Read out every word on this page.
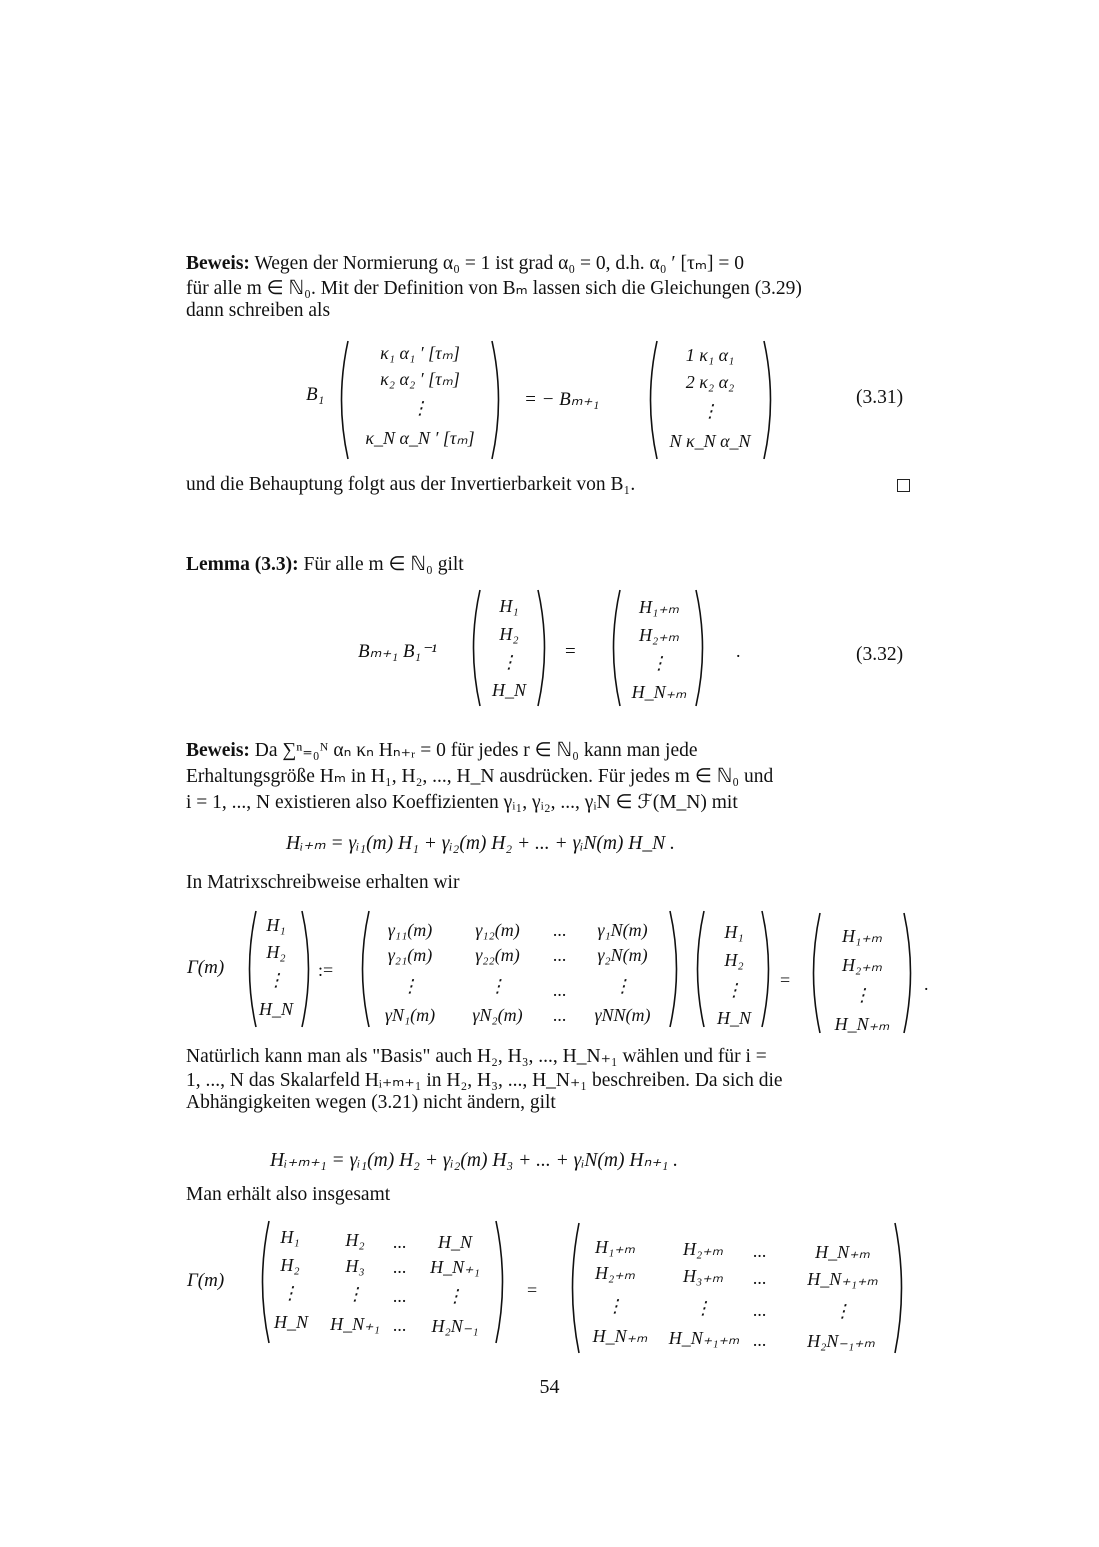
Beweis: Wegen der Normierung α₀ = 1 ist grad α₀ = 0, d.h. α₀ ′ [τₘ] = 0
für alle m ∈ ℕ₀. Mit der Definition von Bₘ lassen sich die Gleichungen (3.29)
dann schreiben als
B₁
κ₁ α₁ ′ [τₘ]
κ₂ α₂ ′ [τₘ]
⋮
κ_N α_N ′ [τₘ]
= − Bₘ₊₁
1 κ₁ α₁
2 κ₂ α₂
⋮
N κ_N α_N
(3.31)
und die Behauptung folgt aus der Invertierbarkeit von B₁.
Lemma (3.3): Für alle m ∈ ℕ₀ gilt
Bₘ₊₁ B₁⁻¹
H₁
H₂
⋮
H_N
=
H₁₊ₘ
H₂₊ₘ
⋮
H_N₊ₘ
.	(3.32)
Beweis: Da ∑ⁿ₌₀ᴺ αₙ κₙ Hₙ₊ᵣ = 0 für jedes r ∈ ℕ₀ kann man jede
Erhaltungsgröße Hₘ in H₁, H₂, ..., H_N ausdrücken. Für jedes m ∈ ℕ₀ und
i = 1, ..., N existieren also Koeffizienten γᵢ₁, γᵢ₂, ..., γᵢN ∈ ℱ(M_N) mit
Hᵢ₊ₘ = γᵢ₁(m) H₁ + γᵢ₂(m) H₂ + ... + γᵢN(m) H_N .
In Matrixschreibweise erhalten wir
Γ(m)
H₁
H₂
⋮
H_N
:=
γ₁₁(m)	γ₁₂(m)	...	γ₁N(m)
γ₂₁(m)	γ₂₂(m)	...	γ₂N(m)
⋮	⋮	...	⋮
γN₁(m)	γN₂(m)	...	γNN(m)
H₁
H₂
⋮
H_N
=
H₁₊ₘ
H₂₊ₘ
⋮
H_N₊ₘ
.
Natürlich kann man als "Basis" auch H₂, H₃, ..., H_N₊₁ wählen und für i =
1, ..., N das Skalarfeld Hᵢ₊ₘ₊₁ in H₂, H₃, ..., H_N₊₁ beschreiben. Da sich die
Abhängigkeiten wegen (3.21) nicht ändern, gilt
Hᵢ₊ₘ₊₁ = γᵢ₁(m) H₂ + γᵢ₂(m) H₃ + ... + γᵢN(m) Hₙ₊₁ .
Man erhält also insgesamt
Γ(m)
H₁	H₂	...	H_N
H₂	H₃	...	H_N₊₁
⋮	⋮	...	⋮
H_N	H_N₊₁ ...	H₂N₋₁
=
H₁₊ₘ	H₂₊ₘ	...	H_N₊ₘ
H₂₊ₘ	H₃₊ₘ	...	H_N₊₁₊ₘ
⋮	⋮	...	⋮
H_N₊ₘ	H_N₊₁₊ₘ ...	H₂N₋₁₊ₘ
54
